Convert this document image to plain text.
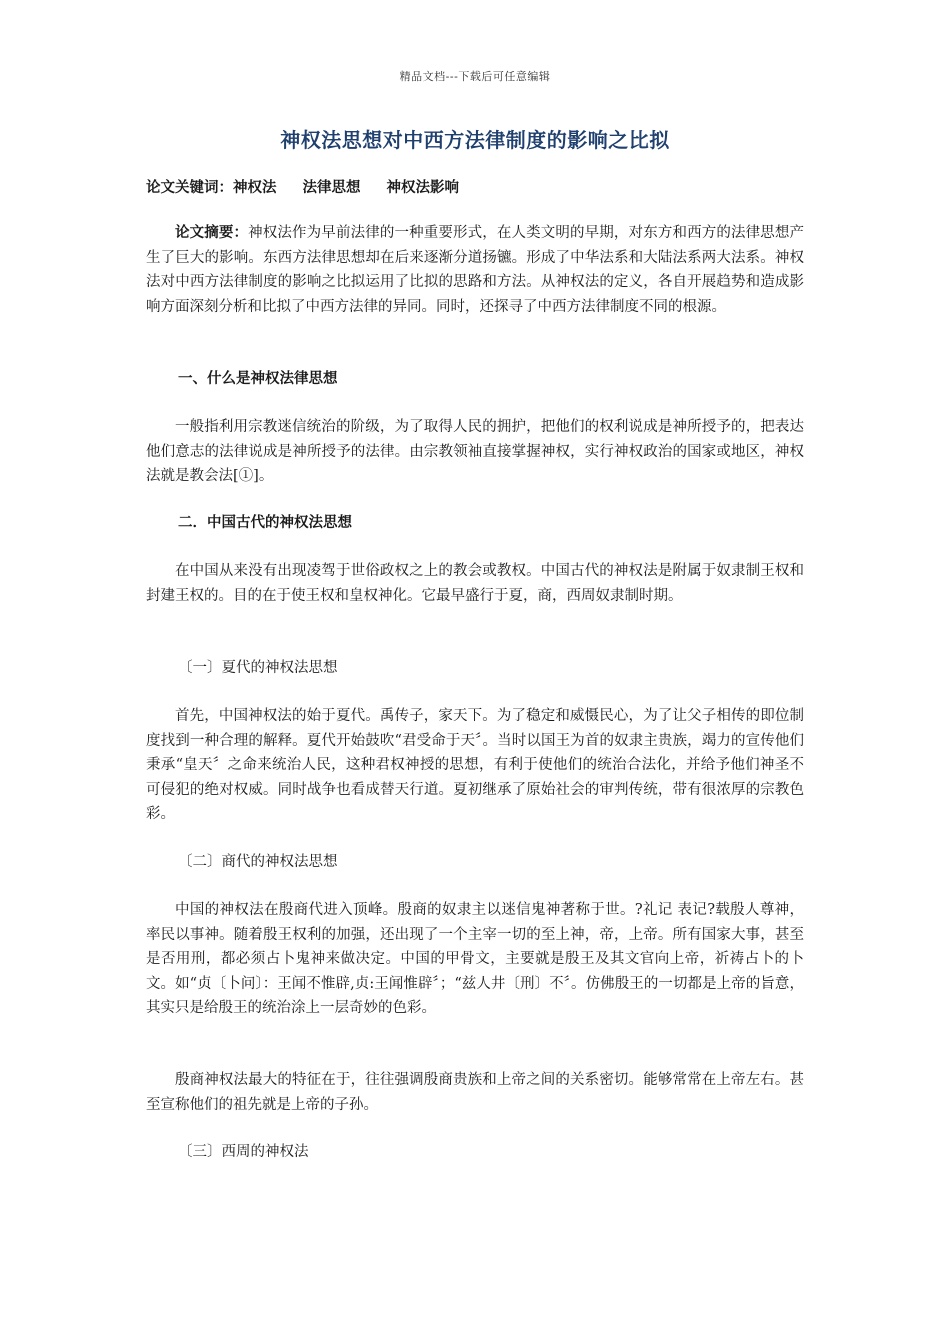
精品文档---下载后可任意编辑
神权法思想对中西方法律制度的影响之比拟
论文关键词：神权法 法律思想 神权法影响
论文摘要：神权法作为早前法律的一种重要形式，在人类文明的早期，对东方和西方的法律思想产生了巨大的影响。东西方法律思想却在后来逐渐分道扬镳。形成了中华法系和大陆法系两大法系。神权法对中西方法律制度的影响之比拟运用了比拟的思路和方法。从神权法的定义，各自开展趋势和造成影响方面深刻分析和比拟了中西方法律的异同。同时，还探寻了中西方法律制度不同的根源。
一、什么是神权法律思想
一般指利用宗教迷信统治的阶级，为了取得人民的拥护，把他们的权利说成是神所授予的，把表达他们意志的法律说成是神所授予的法律。由宗教领袖直接掌握神权，实行神权政治的国家或地区，神权法就是教会法[①]。
二．中国古代的神权法思想
在中国从来没有出现凌驾于世俗政权之上的教会或教权。中国古代的神权法是附属于奴隶制王权和封建王权的。目的在于使王权和皇权神化。它最早盛行于夏，商，西周奴隶制时期。
〔一〕夏代的神权法思想
首先，中国神权法的始于夏代。禹传子，家天下。为了稳定和威慑民心，为了让父子相传的即位制度找到一种合理的解释。夏代开始鼓吹“君受命于天〞。当时以国王为首的奴隶主贵族，竭力的宣传他们秉承“皇天〞之命来统治人民，这种君权神授的思想，有利于使他们的统治合法化，并给予他们神圣不可侵犯的绝对权威。同时战争也看成替天行道。夏初继承了原始社会的审判传统，带有很浓厚的宗教色彩。
〔二〕商代的神权法思想
中国的神权法在殷商代进入顶峰。殷商的奴隶主以迷信鬼神著称于世。?礼记 表记?载殷人尊神，率民以事神。随着殷王权利的加强，还出现了一个主宰一切的至上神，帝，上帝。所有国家大事，甚至是否用刑，都必须占卜鬼神来做决定。中国的甲骨文，主要就是殷王及其文官向上帝，祈祷占卜的卜文。如“贞〔卜问〕：王闻不惟辟,贞:王闻惟辟〞；“兹人井〔刑〕不〞。仿佛殷王的一切都是上帝的旨意，其实只是给殷王的统治涂上一层奇妙的色彩。
殷商神权法最大的特征在于，往往强调殷商贵族和上帝之间的关系密切。能够常常在上帝左右。甚至宣称他们的祖先就是上帝的子孙。
〔三〕西周的神权法
